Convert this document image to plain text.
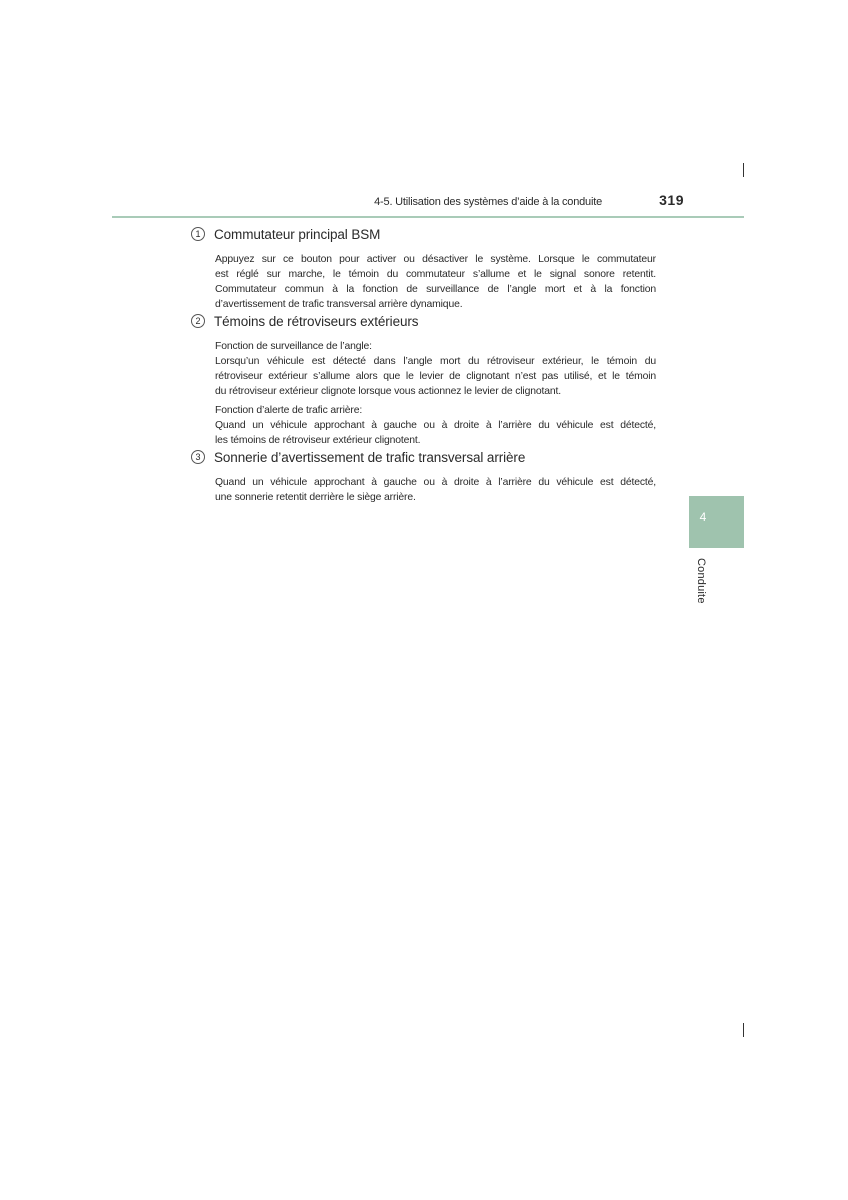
4-5. Utilisation des systèmes d’aide à la conduite	319
4
Conduite
1	Commutateur principal BSM

Appuyez sur ce bouton pour activer ou désactiver le système. Lorsque le commutateur
est réglé sur marche, le témoin du commutateur s’allume et le signal sonore retentit.
Commutateur commun à la fonction de surveillance de l’angle mort et à la fonction
d’avertissement de trafic transversal arrière dynamique.

2	Témoins de rétroviseurs extérieurs

Fonction de surveillance de l’angle:
Lorsqu’un véhicule est détecté dans l’angle mort du rétroviseur extérieur, le témoin du
rétroviseur extérieur s’allume alors que le levier de clignotant n’est pas utilisé, et le témoin
du rétroviseur extérieur clignote lorsque vous actionnez le levier de clignotant.

Fonction d’alerte de trafic arrière:
Quand un véhicule approchant à gauche ou à droite à l’arrière du véhicule est détecté,
les témoins de rétroviseur extérieur clignotent.

3	Sonnerie d’avertissement de trafic transversal arrière

Quand un véhicule approchant à gauche ou à droite à l’arrière du véhicule est détecté,
une sonnerie retentit derrière le siège arrière.
